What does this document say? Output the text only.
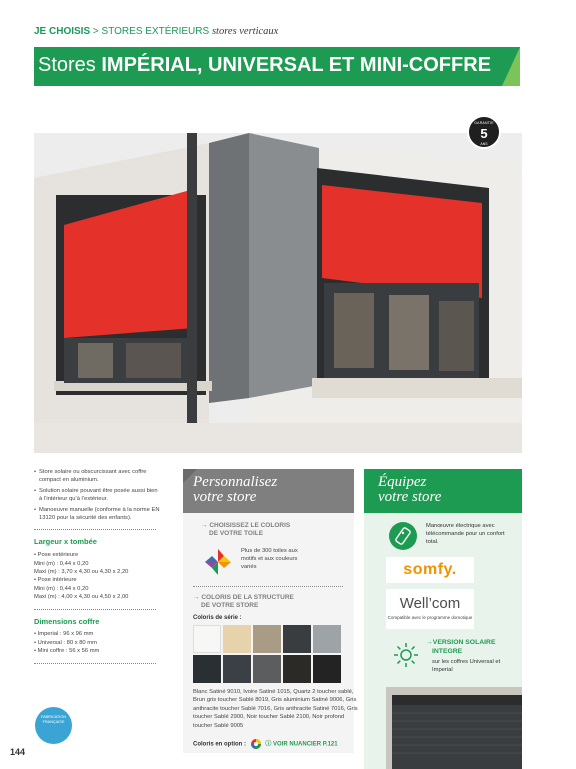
JE CHOISIS > STORES EXTÉRIEURS stores verticaux
Stores IMPÉRIAL, UNIVERSAL ET MINI-COFFRE
GARANTIE
5
ANS
• Store solaire ou obscurcissant avec coffre compact en aluminium.
• Solution solaire pouvant être posée aussi bien à l’intérieur qu’à l’extérieur.
• Manoeuvre manuelle (conforme à la norme EN 13120 pour la sécurité des enfants).
Largeur x tombée
• Pose extérieure
Mini (m) : 0,44 x 0,20
Maxi (m) : 3,70 x 4,30 ou 4,30 x 2,20
• Pose intérieure
Mini (m) : 0,44 x 0,20
Maxi (m) : 4,00 x 4,30 ou 4,50 x 2,00
Dimensions coffre
• Imperial : 96 x 96 mm
• Universal : 80 x 80 mm
• Mini coffre : 56 x 56 mm
Personnalisez
votre store
→ CHOISISSEZ LE COLORIS
DE VOTRE TOILE
Plus de 300 toiles aux motifs et aux couleurs variés
→ COLORIS DE LA STRUCTURE
DE VOTRE STORE
Coloris de série :
Blanc Satiné 9010, Ivoire Satiné 1015, Quartz 2 toucher sablé, Brun gris toucher Sablé 8019, Gris aluminium Satiné 9006, Gris anthracite toucher Sablé 7016, Gris anthracite Satiné 7016, Gris toucher Sablé 2900, Noir toucher Sablé 2100, Noir profond toucher Sablé 9005
Coloris en option :	ⓘ VOIR NUANCIER P.121
Équipez
votre store
Manœuvre électrique avec télécommande pour un confort total.
somfy.
Well’com
Compatible avec le programme domotique
→VERSION SOLAIRE
INTEGRE
sur les coffres Universal et Imperial
FABRICATION FRANÇAISE
144
